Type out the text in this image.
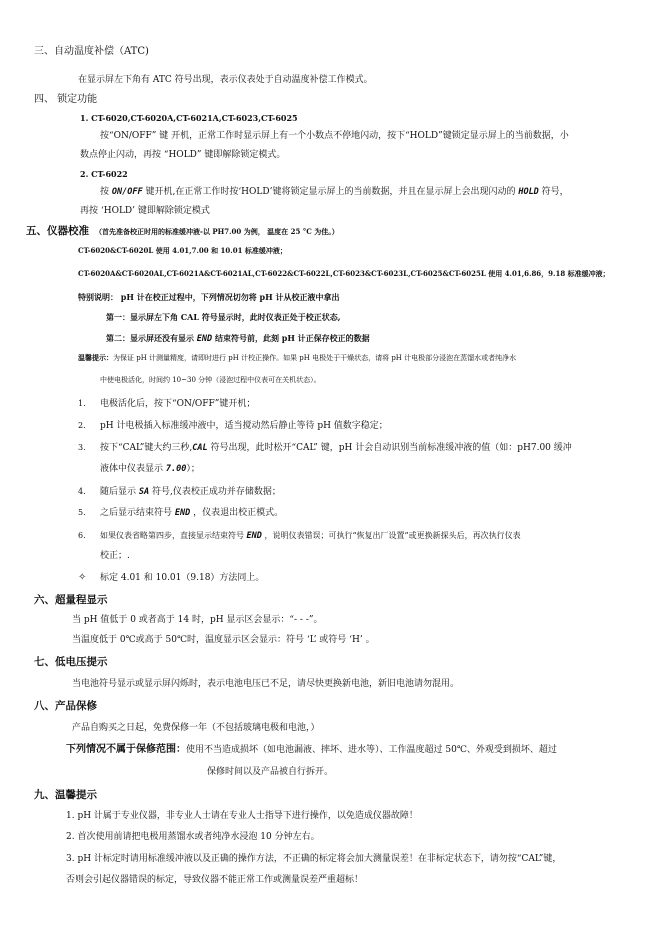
三、自动温度补偿（ATC)
在显示屏左下角有 ATC 符号出现，表示仪表处于自动温度补偿工作模式。
四、 锁定功能
1. CT-6020,CT-6020A,CT-6021A,CT-6023,CT-6025
按“ON/OFF” 键 开机，正常工作时显示屏上有一个小数点不停地闪动，按下“HOLD”键锁定显示屏上的当前数据，小
数点停止闪动，再按 “HOLD” 键即解除锁定模式。
2. CT-6022
按 ON/OFF 键开机,在正常工作时按‘HOLD’键将锁定显示屏上的当前数据，并且在显示屏上会出现闪动的 HOLD 符号，
再按 ‘HOLD’ 键即解除锁定模式
五、仪器校准 （首先准备校正时用的标准缓冲液-以 PH7.00 为例， 温度在 25 °C 为佳。）
CT-6020&CT-6020L 使用 4.01,7.00 和 10.01 标准缓冲液；
CT-6020A&CT-6020AL,CT-6021A&CT-6021AL,CT-6022&CT-6022L,CT-6023&CT-6023L,CT-6025&CT-6025L 使用 4.01,6.86，9.18 标准缓冲液；
特别说明： pH 计在校正过程中，下列情况切勿将 pH 计从校正液中拿出
第一：显示屏左下角 CAL 符号显示时，此时仪表正处于校正状态,
第二：显示屏还没有显示 END 结束符号前，此刻 pH 计正保存校正的数据
温馨提示：为保证 pH 计测量精度，请即时进行 pH 计校正操作。如果 pH 电极处于干燥状态，请将 pH 计电极部分浸泡在蒸馏水或者纯净水
中使电极活化，时间约 10~30 分钟（浸泡过程中仪表可在关机状态）。
1. 电极活化后，按下“ON/OFF”键开机；
2. pH 计电极插入标准缓冲液中，适当搅动然后静止等待 pH 值数字稳定；
3. 按下“CAL”键大约三秒,CAL 符号出现，此时松开“CAL” 键，pH 计会自动识别当前标准缓冲液的值（如：pH7.00 缓冲
液体中仪表显示 7.00）；
4. 随后显示 SA 符号,仪表校正成功并存储数据；
5. 之后显示结束符号 END ，仪表退出校正模式。
6. 如果仪表省略第四步，直接显示结束符号 END ，说明仪表错误；可执行“恢复出厂设置”或更换新探头后，再次执行仪表
校正；.
✧ 标定 4.01 和 10.01（9.18）方法同上。
六、超量程显示
当 pH 值低于 0 或者高于 14 时，pH 显示区会显示：“- - -”。
当温度低于 0℃或高于 50℃时，温度显示区会显示：符号 ‘L’ 或符号 ‘H’ 。
七、低电压提示
当电池符号显示或显示屏闪烁时，表示电池电压已不足，请尽快更换新电池，新旧电池请勿混用。
八、产品保修
产品自购买之日起，免费保修一年（不包括玻璃电极和电池，）
下列情况不属于保修范围：使用不当造成损坏（如电池漏液、摔坏、进水等）、工作温度超过 50℃、外观受到损坏、超过
保修时间以及产品被自行拆开。
九、温馨提示
1. pH 计属于专业仪器，非专业人士请在专业人士指导下进行操作，以免造成仪器故障！
2. 首次使用前请把电极用蒸馏水或者纯净水浸泡 10 分钟左右。
3. pH 计标定时请用标准缓冲液以及正确的操作方法，不正确的标定将会加大测量误差！在非标定状态下，请勿按“CAL”键，
否则会引起仪器错误的标定，导致仪器不能正常工作或测量误差严重超标！
